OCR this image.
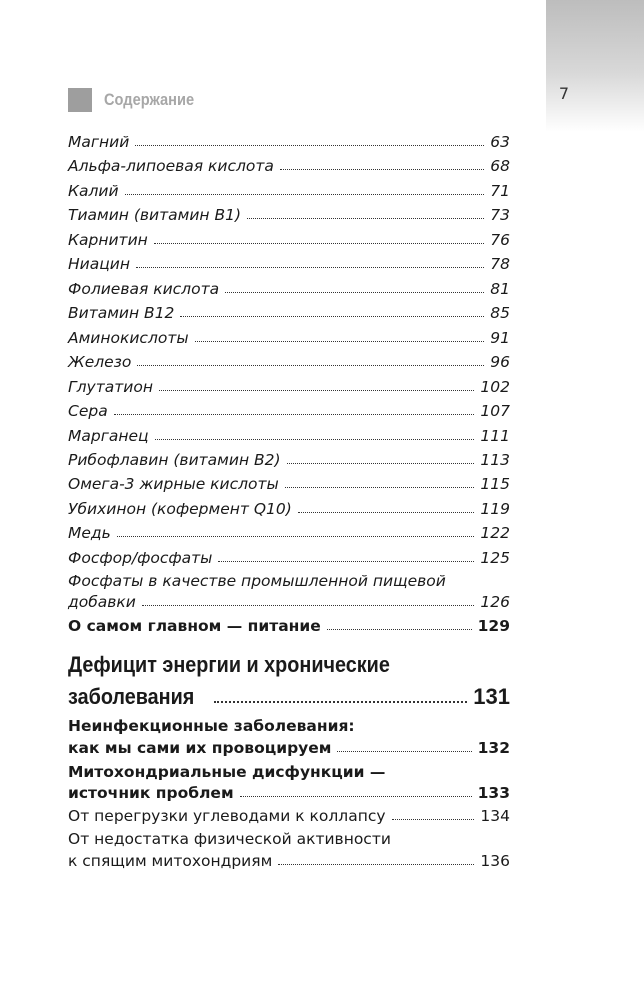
7
Содержание
Магний	63
Альфа-липоевая кислота	68
Калий	71
Тиамин (витамин В1)	73
Карнитин	76
Ниацин	78
Фолиевая кислота	81
Витамин В12	85
Аминокислоты	91
Железо	96
Глутатион	102
Сера	107
Марганец	111
Рибофлавин (витамин В2)	113
Омега-3 жирные кислоты	115
Убихинон (кофермент Q10)	119
Медь	122
Фосфор/фосфаты	125
Фосфаты в качестве промышленной пищевой
добавки	126
О самом главном — питание	129
Дефицит энергии и хронические
заболевания	131
Неинфекционные заболевания:
как мы сами их провоцируем	132
Митохондриальные дисфункции —
источник проблем	133
От перегрузки углеводами к коллапсу	134
От недостатка физической активности
к спящим митохондриям	136
